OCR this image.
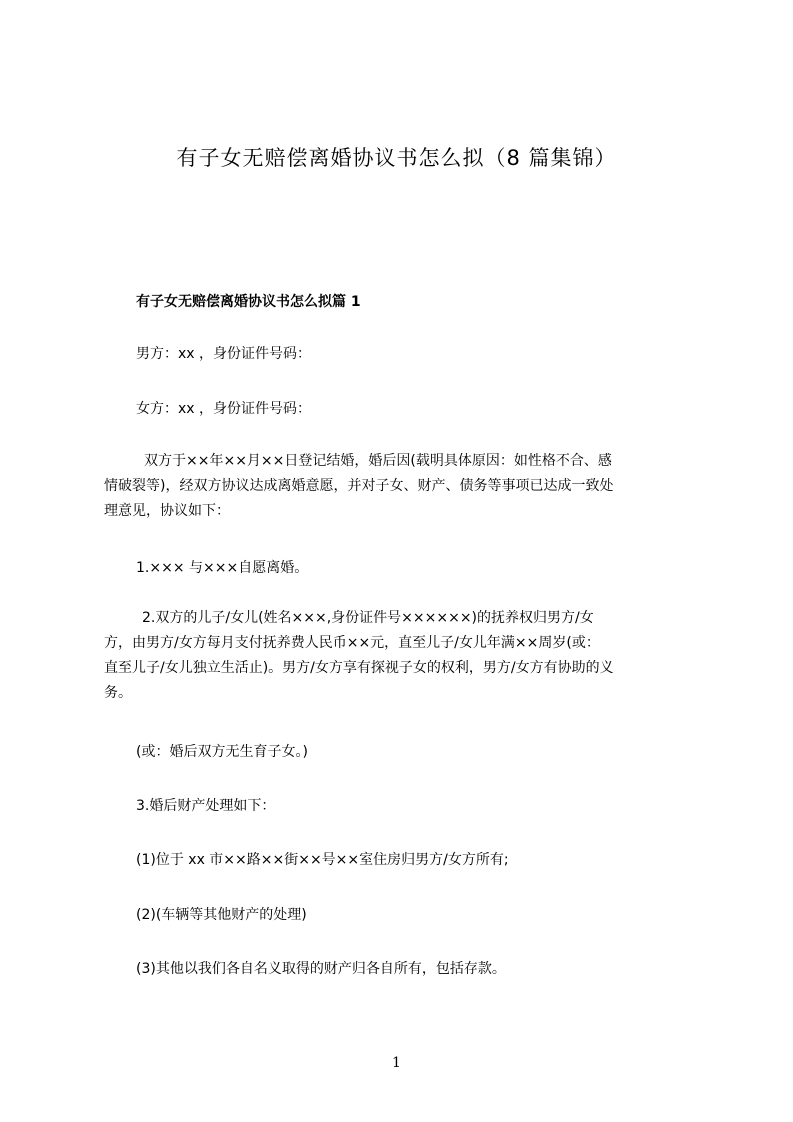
有子女无赔偿离婚协议书怎么拟（8 篇集锦）
有子女无赔偿离婚协议书怎么拟篇 1
男方：xx ，身份证件号码：
女方：xx ，身份证件号码：
双方于××年××月××日登记结婚，婚后因(载明具体原因：如性格不合、感
情破裂等)，经双方协议达成离婚意愿，并对子女、财产、债务等事项已达成一致处
理意见，协议如下：
1.××× 与×××自愿离婚。
2.双方的儿子/女儿(姓名×××,身份证件号××××××)的抚养权归男方/女
方，由男方/女方每月支付抚养费人民币××元，直至儿子/女儿年满××周岁(或：
直至儿子/女儿独立生活止)。男方/女方享有探视子女的权利，男方/女方有协助的义
务。
(或：婚后双方无生育子女。)
3.婚后财产处理如下：
(1)位于 xx 市××路××街××号××室住房归男方/女方所有;
(2)(车辆等其他财产的处理)
(3)其他以我们各自名义取得的财产归各自所有，包括存款。
1
